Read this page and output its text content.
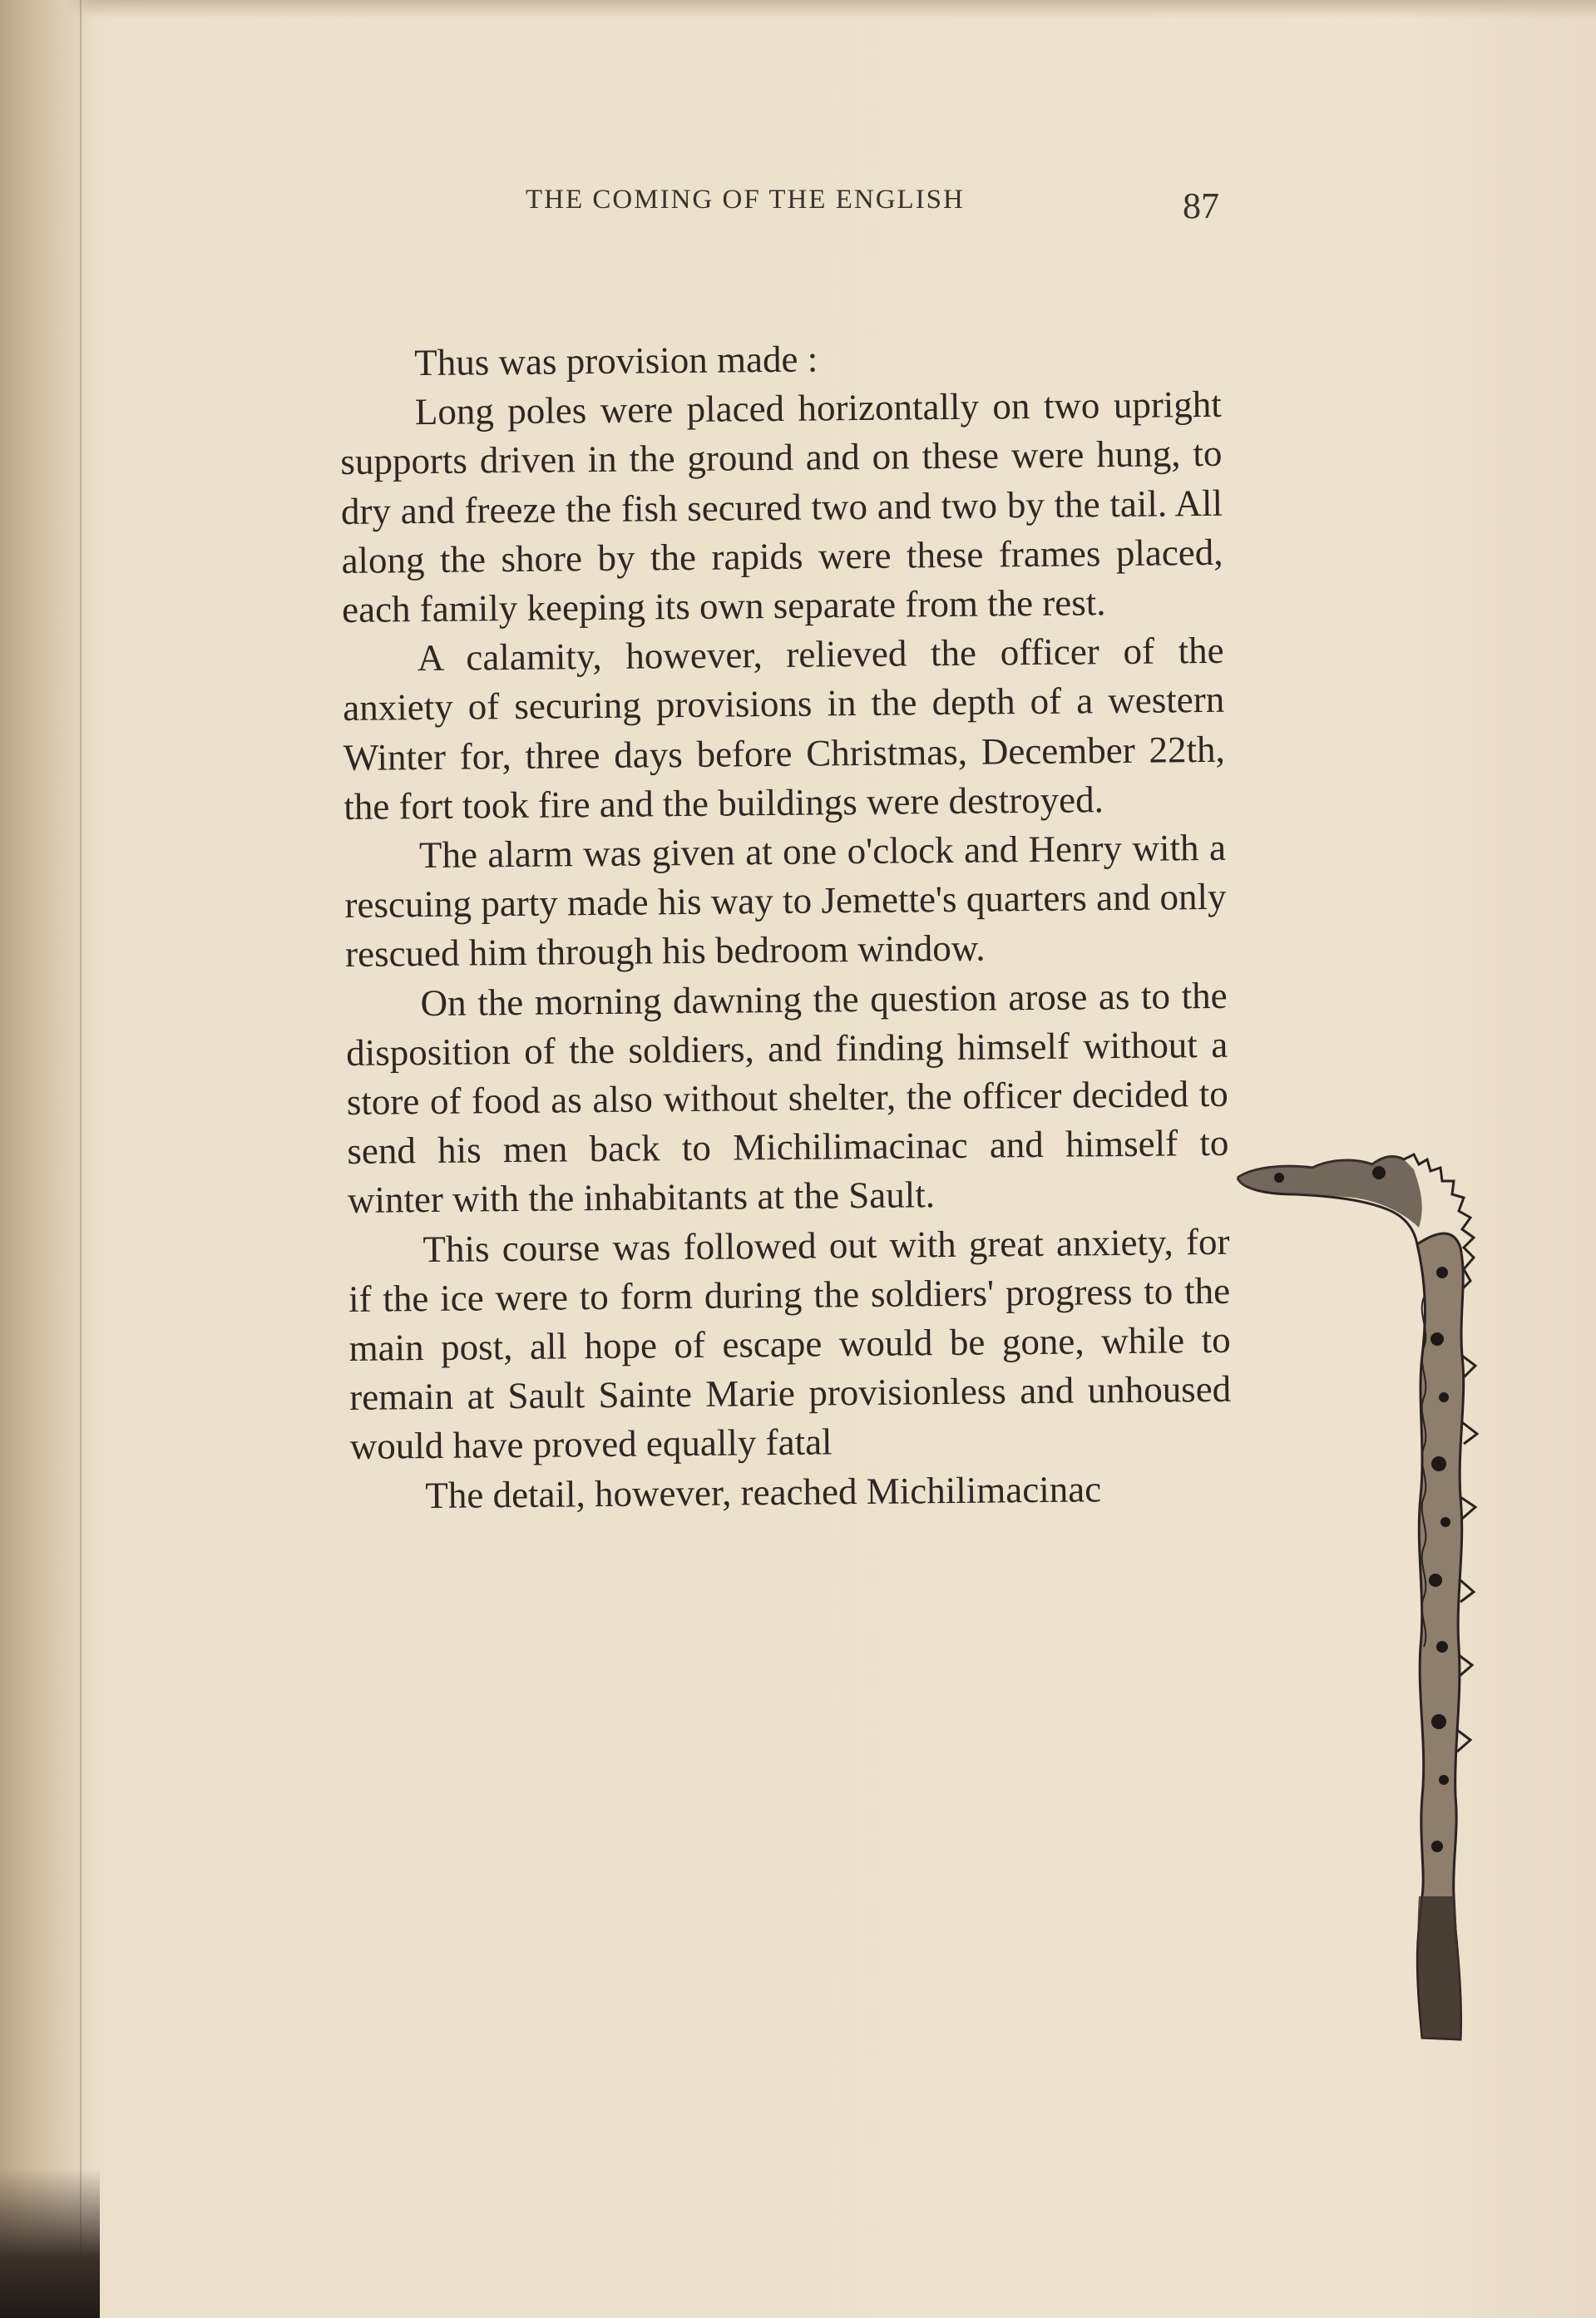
THE COMING OF THE ENGLISH	87

Thus was provision made :

Long poles were placed horizontally on two upright supports driven in the ground and on these were hung, to dry and freeze the fish secured two and two by the tail. All along the shore by the rapids were these frames placed, each family keeping its own separate from the rest.

A calamity, however, relieved the officer of the anxiety of securing provisions in the depth of a western Winter for, three days before Christmas, December 22th, the fort took fire and the buildings were destroyed.

The alarm was given at one o'clock and Henry with a rescuing party made his way to Jemette's quarters and only rescued him through his bedroom window.

On the morning dawning the question arose as to the disposition of the soldiers, and finding himself without a store of food as also without shelter, the officer decided to send his men back to Michilimacinac and himself to winter with the inhabitants at the Sault.

This course was followed out with great anxiety, for if the ice were to form during the soldiers' progress to the main post, all hope of escape would be gone, while to remain at Sault Sainte Marie provisionless and unhoused would have proved equally fatal

The detail, however, reached Michilimacinac
